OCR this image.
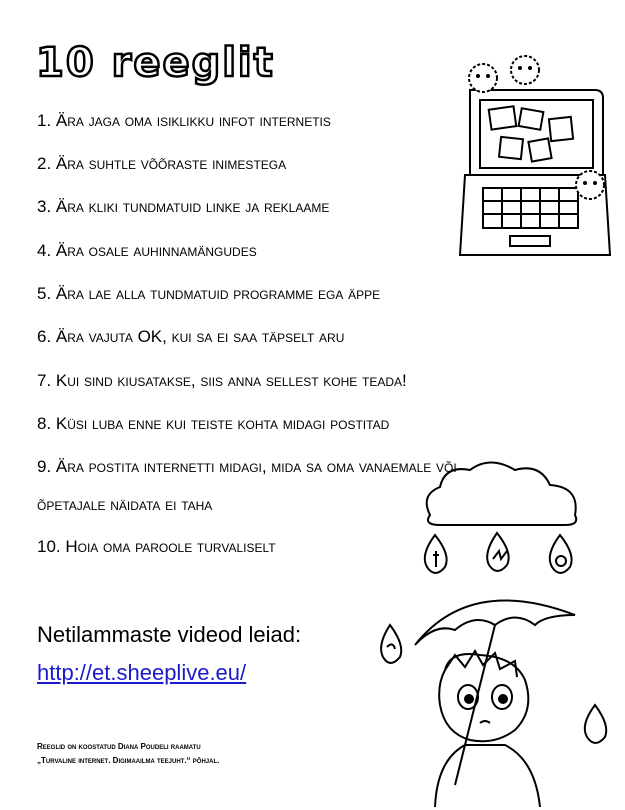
10 reeglit
1. Ära jaga oma isiklikku infot internetis
2. Ära suhtle võõraste inimestega
3. Ära kliki tundmatuid linke ja reklaame
4. Ära osale auhinnamängudes
5. Ära lae alla tundmatuid programme ega äppe
6. Ära vajuta OK, kui sa ei saa täpselt aru
7. Kui sind kiusatakse, siis anna sellest kohe teada!
8. Küsi luba enne kui teiste kohta midagi postitad
9. Ära postita internetti midagi, mida sa oma vanaemale või õpetajale näidata ei taha
10. Hoia oma paroole turvaliselt
Netilammaste videod leiad:
http://et.sheeplive.eu/
Reeglid on koostatud Diana Poudeli raamatu
„Turvaline internet. Digimaailma teejuht.“ põhjal.
